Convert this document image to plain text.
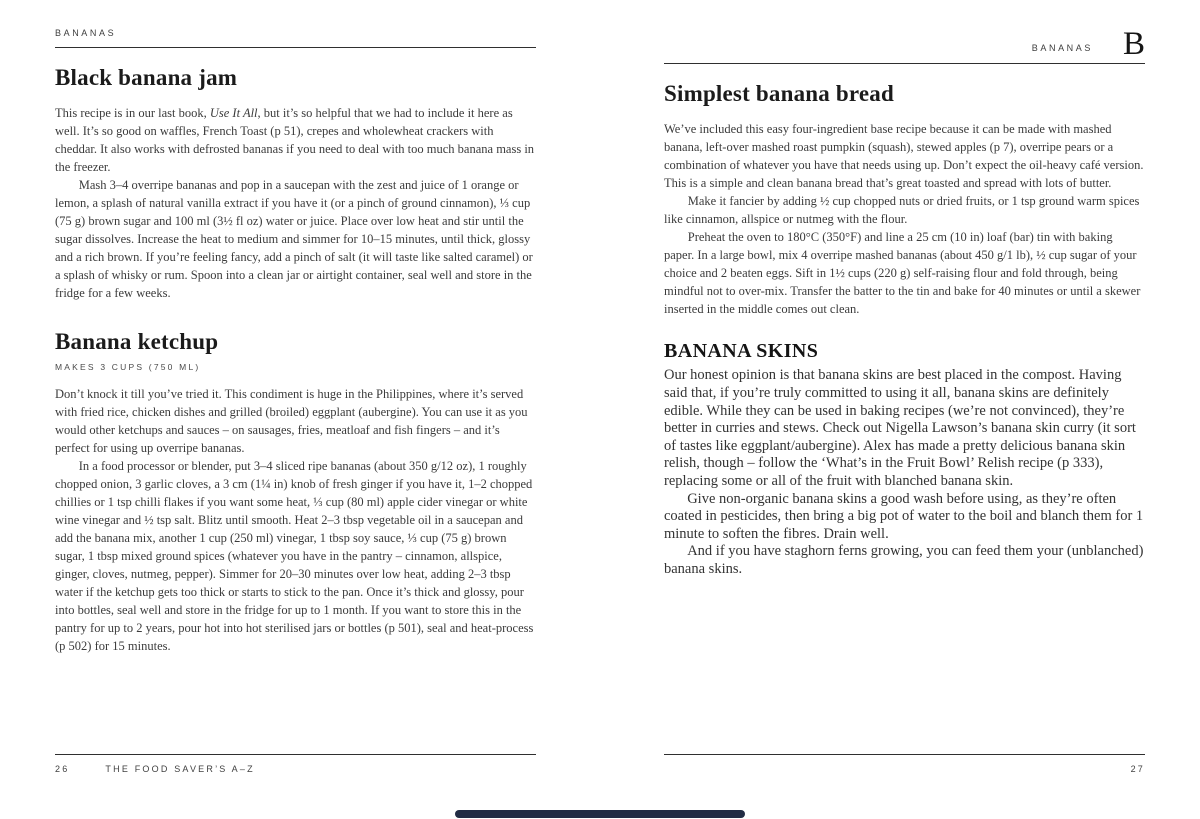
BANANAS
Black banana jam

This recipe is in our last book, Use It All, but it’s so helpful that we had to include it here as well. It’s so good on waffles, French Toast (p 51), crepes and wholewheat crackers with cheddar. It also works with defrosted bananas if you need to deal with too much banana mass in the freezer.

Mash 3–4 overripe bananas and pop in a saucepan with the zest and juice of 1 orange or lemon, a splash of natural vanilla extract if you have it (or a pinch of ground cinnamon), ⅓ cup (75 g) brown sugar and 100 ml (3½ fl oz) water or juice. Place over low heat and stir until the sugar dissolves. Increase the heat to medium and simmer for 10–15 minutes, until thick, glossy and a rich brown. If you’re feeling fancy, add a pinch of salt (it will taste like salted caramel) or a splash of whisky or rum. Spoon into a clean jar or airtight container, seal well and store in the fridge for a few weeks.

Banana ketchup
MAKES 3 CUPS (750 ML)

Don’t knock it till you’ve tried it. This condiment is huge in the Philippines, where it’s served with fried rice, chicken dishes and grilled (broiled) eggplant (aubergine). You can use it as you would other ketchups and sauces – on sausages, fries, meatloaf and fish fingers – and it’s perfect for using up overripe bananas.

In a food processor or blender, put 3–4 sliced ripe bananas (about 350 g/12 oz), 1 roughly chopped onion, 3 garlic cloves, a 3 cm (1¼ in) knob of fresh ginger if you have it, 1–2 chopped chillies or 1 tsp chilli flakes if you want some heat, ⅓ cup (80 ml) apple cider vinegar or white wine vinegar and ½ tsp salt. Blitz until smooth. Heat 2–3 tbsp vegetable oil in a saucepan and add the banana mix, another 1 cup (250 ml) vinegar, 1 tbsp soy sauce, ⅓ cup (75 g) brown sugar, 1 tbsp mixed ground spices (whatever you have in the pantry – cinnamon, allspice, ginger, cloves, nutmeg, pepper). Simmer for 20–30 minutes over low heat, adding 2–3 tbsp water if the ketchup gets too thick or starts to stick to the pan. Once it’s thick and glossy, pour into bottles, seal well and store in the fridge for up to 1 month. If you want to store this in the pantry for up to 2 years, pour hot into hot sterilised jars or bottles (p 501), seal and heat-process (p 502) for 15 minutes.

26	THE FOOD SAVER’S A–Z
BANANAS B
Simplest banana bread

We’ve included this easy four-ingredient base recipe because it can be made with mashed banana, left-over mashed roast pumpkin (squash), stewed apples (p 7), overripe pears or a combination of whatever you have that needs using up. Don’t expect the oil-heavy café version. This is a simple and clean banana bread that’s great toasted and spread with lots of butter.

Make it fancier by adding ½ cup chopped nuts or dried fruits, or 1 tsp ground warm spices like cinnamon, allspice or nutmeg with the flour.

Preheat the oven to 180°C (350°F) and line a 25 cm (10 in) loaf (bar) tin with baking paper. In a large bowl, mix 4 overripe mashed bananas (about 450 g/1 lb), ½ cup sugar of your choice and 2 beaten eggs. Sift in 1½ cups (220 g) self-raising flour and fold through, being mindful not to over-mix. Transfer the batter to the tin and bake for 40 minutes or until a skewer inserted in the middle comes out clean.

BANANA SKINS

Our honest opinion is that banana skins are best placed in the compost. Having said that, if you’re truly committed to using it all, banana skins are definitely edible. While they can be used in baking recipes (we’re not convinced), they’re better in curries and stews. Check out Nigella Lawson’s banana skin curry (it sort of tastes like eggplant/aubergine). Alex has made a pretty delicious banana skin relish, though – follow the ‘What’s in the Fruit Bowl’ Relish recipe (p 333), replacing some or all of the fruit with blanched banana skin.

Give non-organic banana skins a good wash before using, as they’re often coated in pesticides, then bring a big pot of water to the boil and blanch them for 1 minute to soften the fibres. Drain well.

And if you have staghorn ferns growing, you can feed them your (unblanched) banana skins.

27
